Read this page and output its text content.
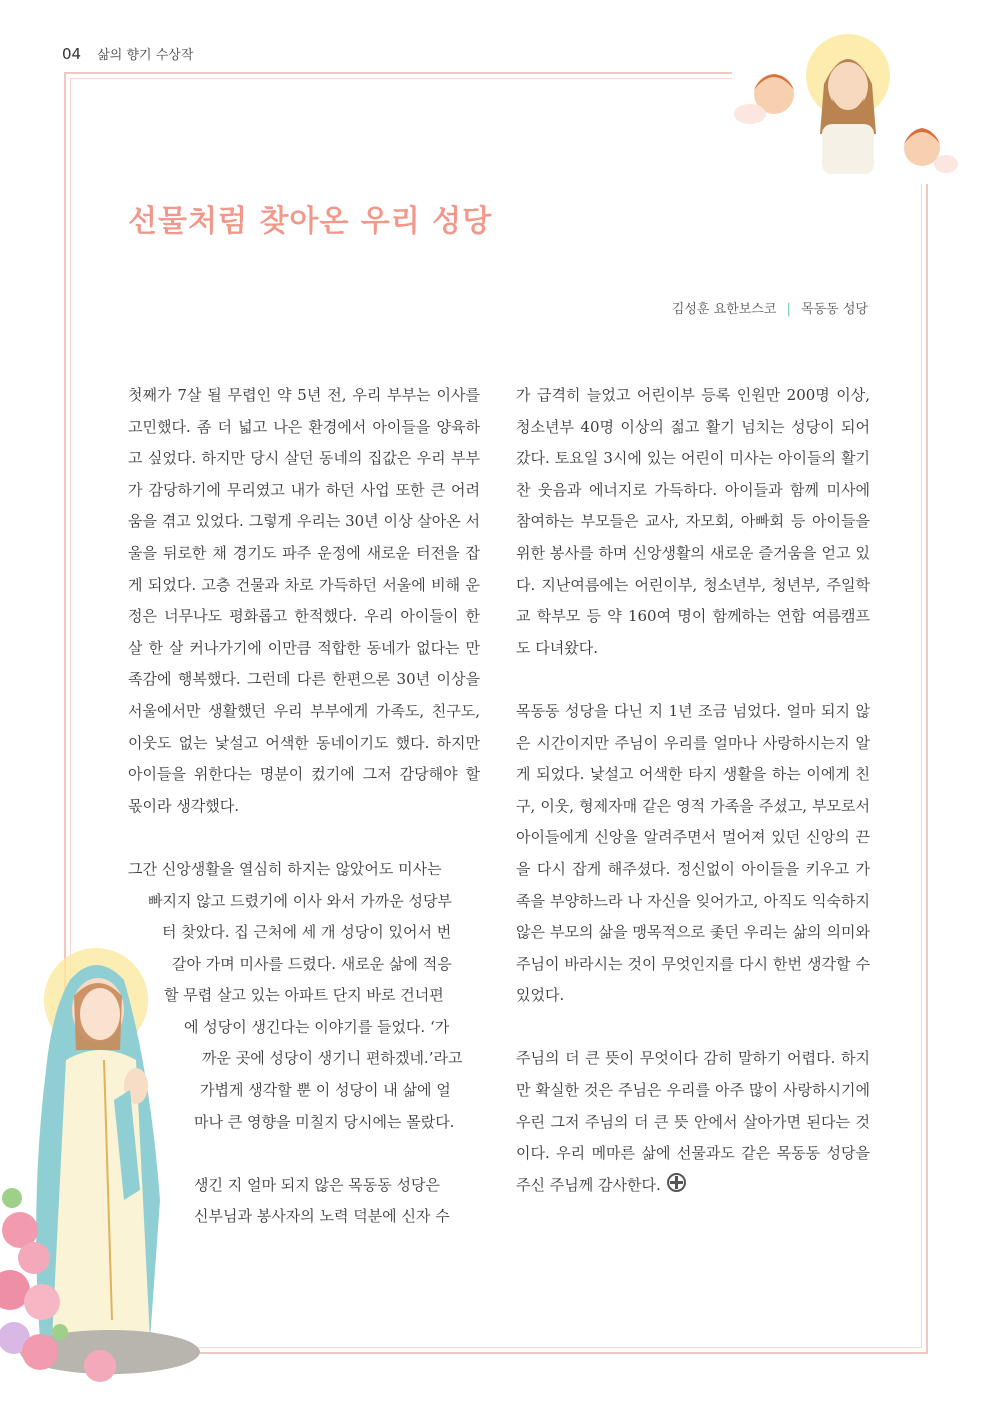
04 삶의 향기 수상작
선물처럼 찾아온 우리 성당
김성훈 요한보스코 | 목동동 성당

첫째가 7살 될 무렵인 약 5년 전, 우리 부부는 이사를 고민했다. 좀 더 넓고 나은 환경에서 아이들을 양육하고 싶었다. 하지만 당시 살던 동네의 집값은 우리 부부가 감당하기에 무리였고 내가 하던 사업 또한 큰 어려움을 겪고 있었다. 그렇게 우리는 30년 이상 살아온 서울을 뒤로한 채 경기도 파주 운정에 새로운 터전을 잡게 되었다. 고층 건물과 차로 가득하던 서울에 비해 운정은 너무나도 평화롭고 한적했다. 우리 아이들이 한 살 한 살 커나가기에 이만큼 적합한 동네가 없다는 만족감에 행복했다. 그런데 다른 한편으론 30년 이상을 서울에서만 생활했던 우리 부부에게 가족도, 친구도, 이웃도 없는 낯설고 어색한 동네이기도 했다. 하지만 아이들을 위한다는 명분이 컸기에 그저 감당해야 할 몫이라 생각했다.

그간 신앙생활을 열심히 하지는 않았어도 미사는

빠지지 않고 드렸기에 이사 와서 가까운 성당부

터 찾았다. 집 근처에 세 개 성당이 있어서 번

갈아 가며 미사를 드렸다. 새로운 삶에 적응

할 무렵 살고 있는 아파트 단지 바로 건너편

에 성당이 생긴다는 이야기를 들었다. ‘가

까운 곳에 성당이 생기니 편하겠네.’라고

가볍게 생각할 뿐 이 성당이 내 삶에 얼

마나 큰 영향을 미칠지 당시에는 몰랐다.

생긴 지 얼마 되지 않은 목동동 성당은

신부님과 봉사자의 노력 덕분에 신자 수

가 급격히 늘었고 어린이부 등록 인원만 200명 이상, 청소년부 40명 이상의 젊고 활기 넘치는 성당이 되어갔다. 토요일 3시에 있는 어린이 미사는 아이들의 활기찬 웃음과 에너지로 가득하다. 아이들과 함께 미사에 참여하는 부모들은 교사, 자모회, 아빠회 등 아이들을 위한 봉사를 하며 신앙생활의 새로운 즐거움을 얻고 있다. 지난여름에는 어린이부, 청소년부, 청년부, 주일학교 학부모 등 약 160여 명이 함께하는 연합 여름캠프도 다녀왔다.

목동동 성당을 다닌 지 1년 조금 넘었다. 얼마 되지 않은 시간이지만 주님이 우리를 얼마나 사랑하시는지 알게 되었다. 낯설고 어색한 타지 생활을 하는 이에게 친구, 이웃, 형제자매 같은 영적 가족을 주셨고, 부모로서 아이들에게 신앙을 알려주면서 멀어져 있던 신앙의 끈을 다시 잡게 해주셨다. 정신없이 아이들을 키우고 가족을 부양하느라 나 자신을 잊어가고, 아직도 익숙하지 않은 부모의 삶을 맹목적으로 좇던 우리는 삶의 의미와 주님이 바라시는 것이 무엇인지를 다시 한번 생각할 수 있었다.

주님의 더 큰 뜻이 무엇이다 감히 말하기 어렵다. 하지만 확실한 것은 주님은 우리를 아주 많이 사랑하시기에 우린 그저 주님의 더 큰 뜻 안에서 살아가면 된다는 것이다. 우리 메마른 삶에 선물과도 같은 목동동 성당을 주신 주님께 감사한다.
